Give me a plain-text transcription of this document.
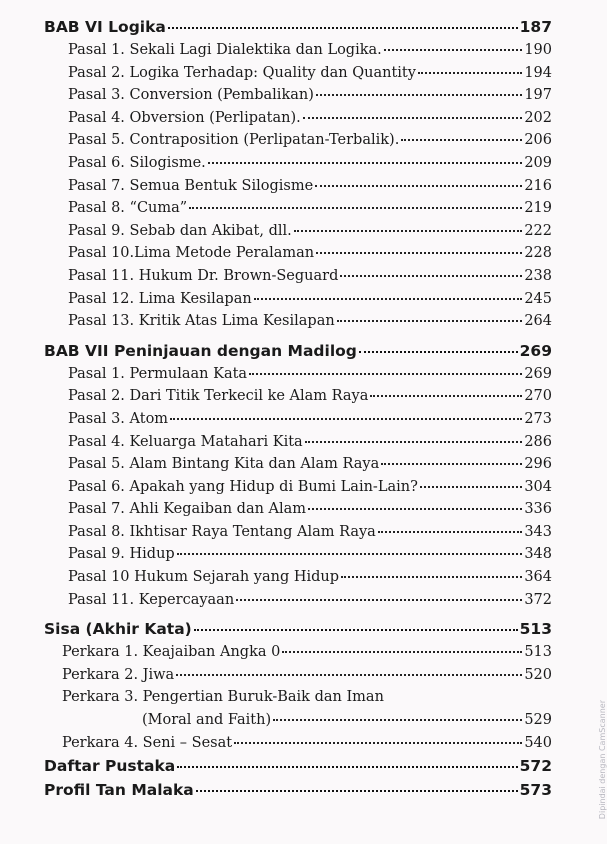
BAB VI Logika	187
Pasal 1. Sekali Lagi Dialektika dan Logika.	190
Pasal 2. Logika Terhadap: Quality dan Quantity	194
Pasal 3. Conversion (Pembalikan)	197
Pasal 4. Obversion (Perlipatan).	202
Pasal 5. Contraposition (Perlipatan-Terbalik).	206
Pasal 6. Silogisme.	209
Pasal 7. Semua Bentuk Silogisme	216
Pasal 8. “Cuma”	219
Pasal 9. Sebab dan Akibat, dll.	222
Pasal 10.Lima Metode Peralaman	228
Pasal 11. Hukum Dr. Brown-Seguard	238
Pasal 12. Lima Kesilapan	245
Pasal 13. Kritik Atas Lima Kesilapan	264
BAB VII Peninjauan dengan Madilog	269
Pasal 1. Permulaan Kata	269
Pasal 2. Dari Titik Terkecil ke Alam Raya	270
Pasal 3. Atom	273
Pasal 4. Keluarga Matahari Kita	286
Pasal 5. Alam Bintang Kita dan Alam Raya	296
Pasal 6. Apakah yang Hidup di Bumi Lain-Lain?	304
Pasal 7. Ahli Kegaiban dan Alam	336
Pasal 8. Ikhtisar Raya Tentang Alam Raya	343
Pasal 9. Hidup	348
Pasal 10 Hukum Sejarah yang Hidup	364
Pasal 11. Kepercayaan	372
Sisa (Akhir Kata)	513
Perkara 1. Keajaiban Angka 0	513
Perkara 2. Jiwa	520
Perkara 3. Pengertian Buruk-Baik dan Iman
(Moral and Faith)	529
Perkara 4. Seni – Sesat	540
Daftar Pustaka	572
Profil Tan Malaka	573	Dipindai dengan CamScanner
